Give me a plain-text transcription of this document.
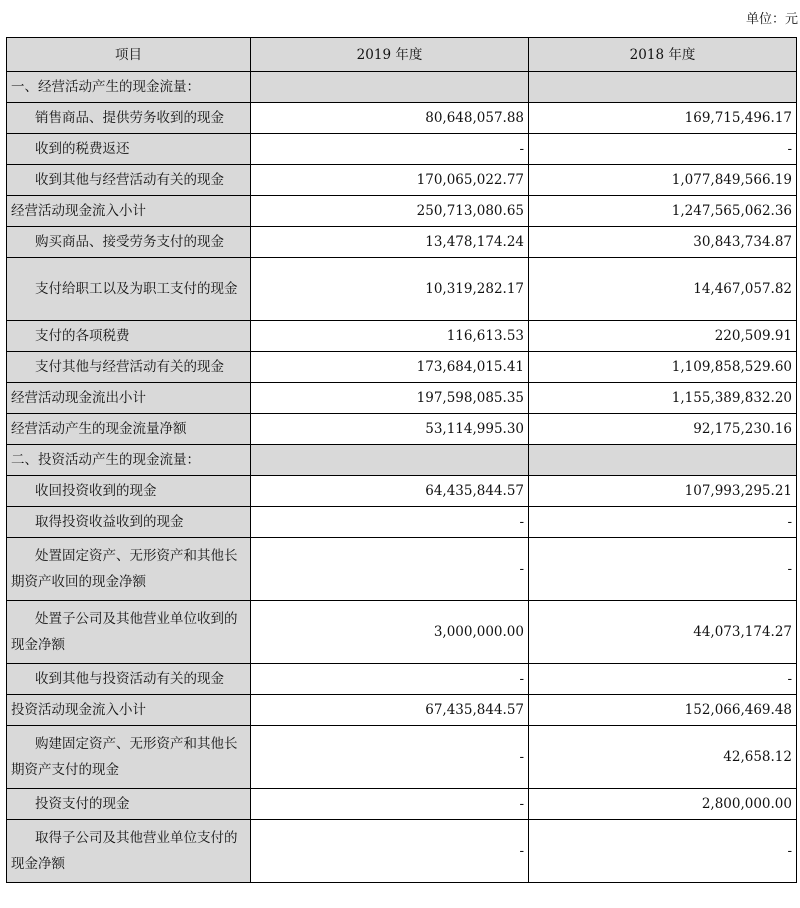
单位：元
项目	2019 年度	2018 年度
一、经营活动产生的现金流量：		
销售商品、提供劳务收到的现金	80,648,057.88	169,715,496.17
收到的税费返还	-	-
收到其他与经营活动有关的现金	170,065,022.77	1,077,849,566.19
经营活动现金流入小计	250,713,080.65	1,247,565,062.36
购买商品、接受劳务支付的现金	13,478,174.24	30,843,734.87
支付给职工以及为职工支付的现金	10,319,282.17	14,467,057.82
支付的各项税费	116,613.53	220,509.91
支付其他与经营活动有关的现金	173,684,015.41	1,109,858,529.60
经营活动现金流出小计	197,598,085.35	1,155,389,832.20
经营活动产生的现金流量净额	53,114,995.30	92,175,230.16
二、投资活动产生的现金流量：		
收回投资收到的现金	64,435,844.57	107,993,295.21
取得投资收益收到的现金	-	-
处置固定资产、无形资产和其他长期资产收回的现金净额	-	-
处置子公司及其他营业单位收到的现金净额	3,000,000.00	44,073,174.27
收到其他与投资活动有关的现金	-	-
投资活动现金流入小计	67,435,844.57	152,066,469.48
购建固定资产、无形资产和其他长期资产支付的现金	-	42,658.12
投资支付的现金	-	2,800,000.00
取得子公司及其他营业单位支付的现金净额	-	-
